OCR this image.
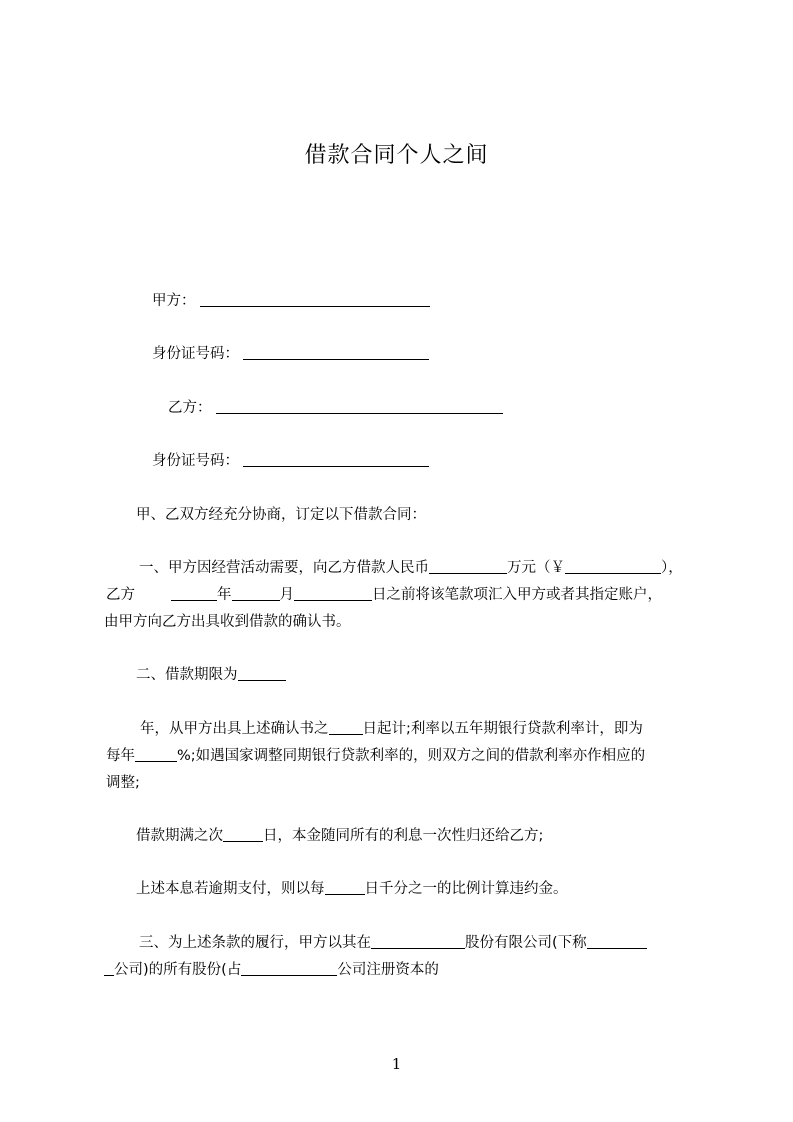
借款合同个人之间
甲方：
身份证号码：
乙方：
身份证号码：
甲、乙双方经充分协商，订定以下借款合同：
一、甲方因经营活动需要，向乙方借款人民币	万元（￥	），
乙方	年	月	日之前将该笔款项汇入甲方或者其指定账户，
由甲方向乙方出具收到借款的确认书。
二、借款期限为
年，从甲方出具上述确认书之 日起计;利率以五年期银行贷款利率计，即为
每年	%;如遇国家调整同期银行贷款利率的，则双方之间的借款利率亦作相应的
调整;
借款期满之次	日，本金随同所有的利息一次性归还给乙方;
上述本息若逾期支付，则以每	日千分之一的比例计算违约金。
三、为上述条款的履行，甲方以其在	股份有限公司(下称
公司)的所有股份(占	公司注册资本的
1
